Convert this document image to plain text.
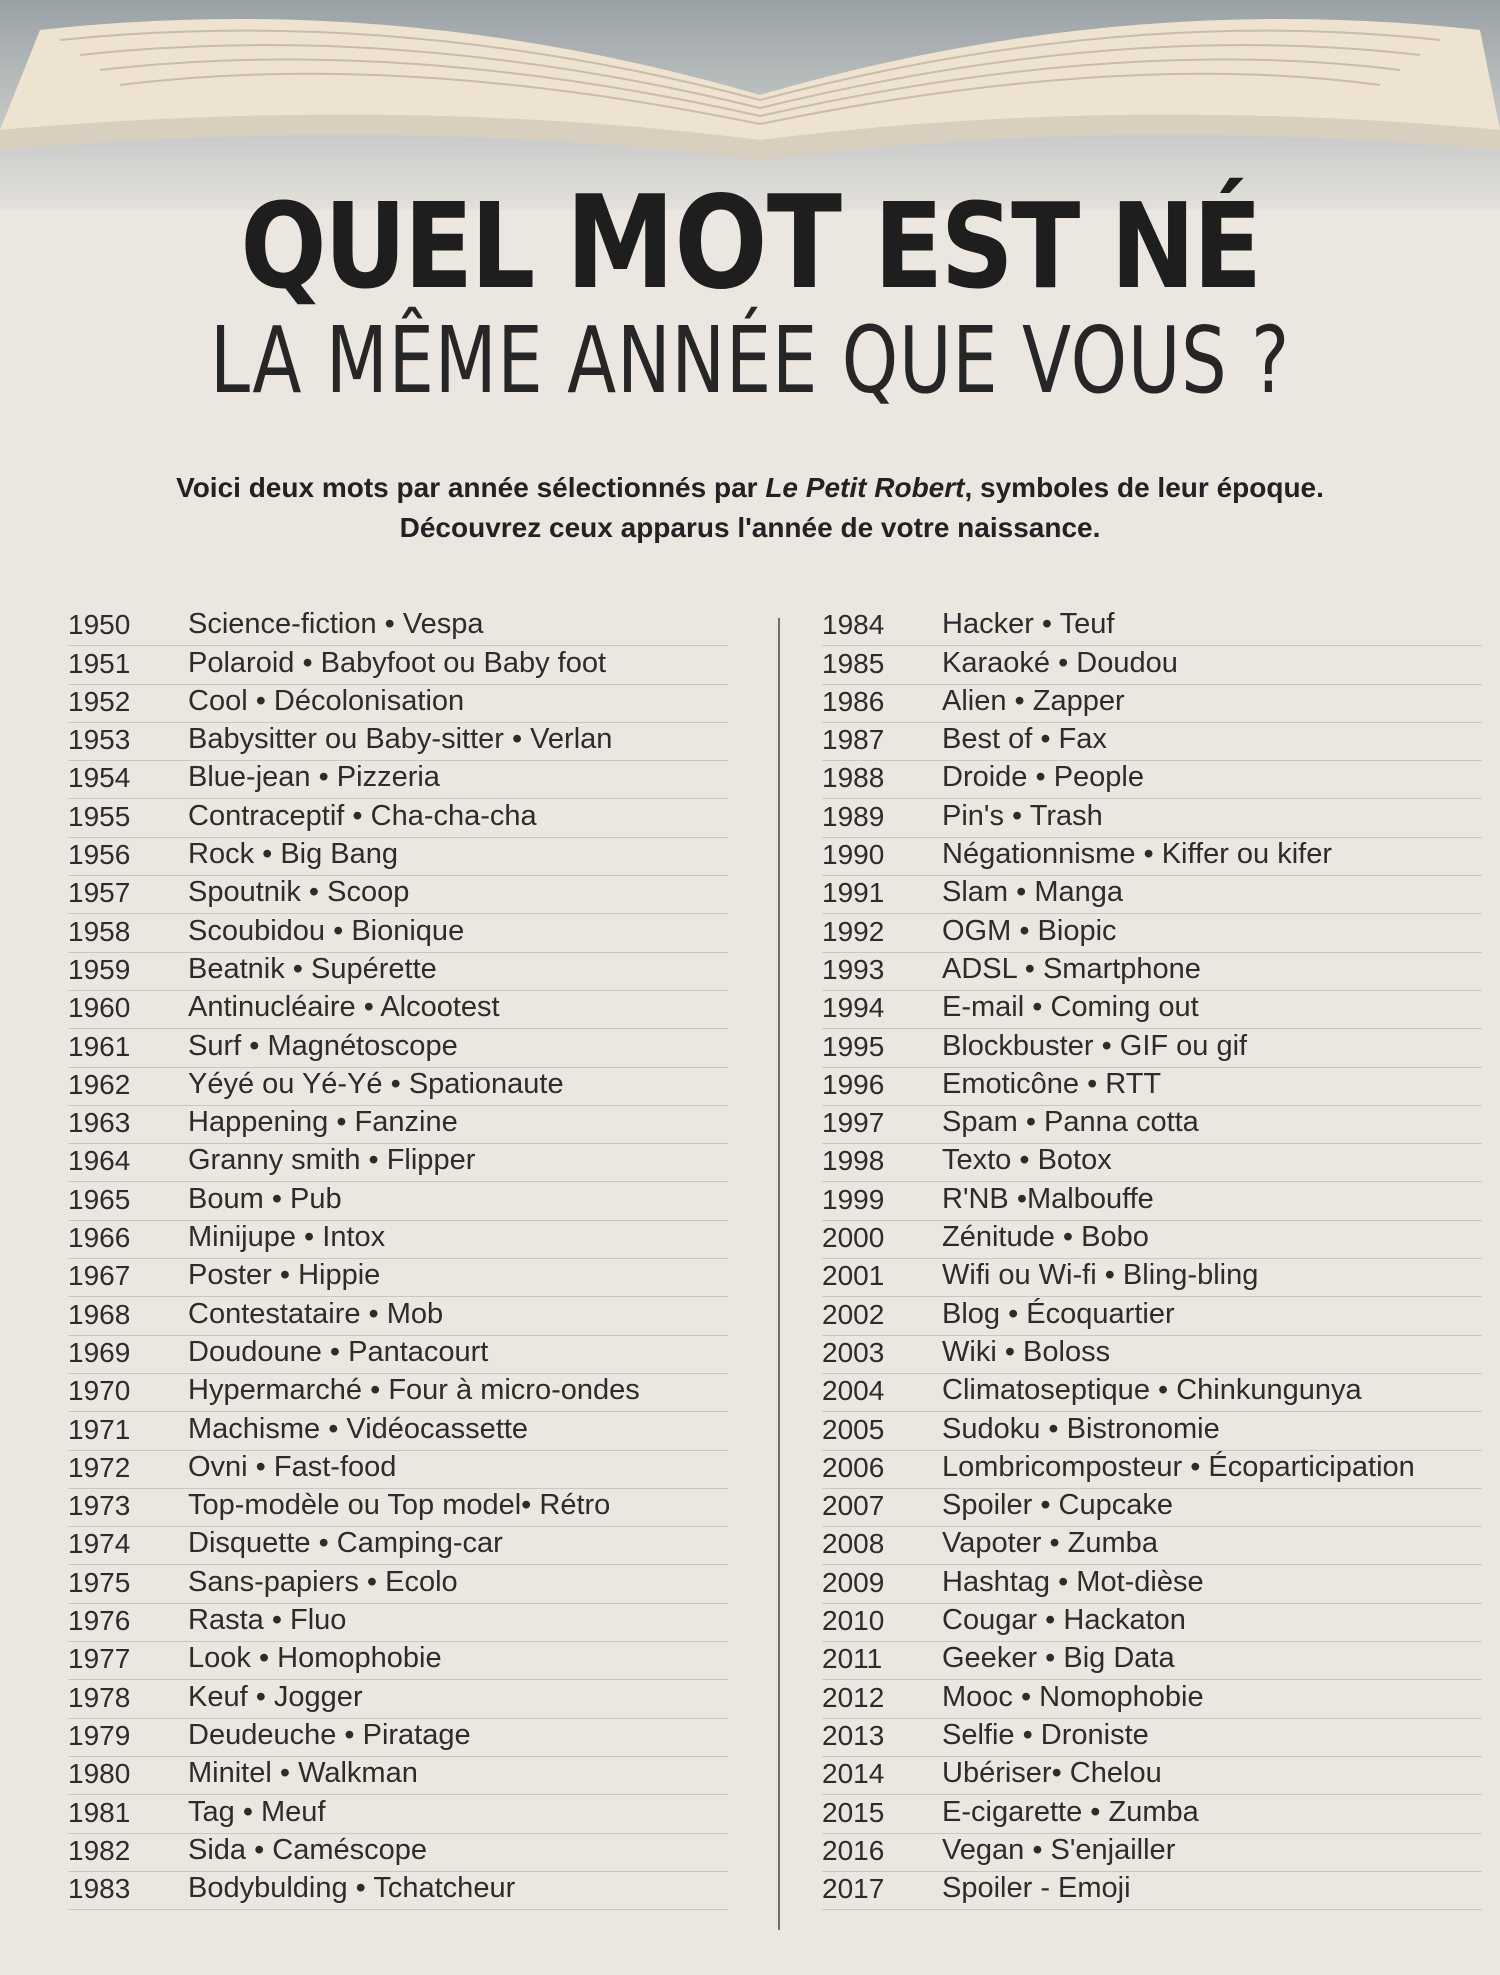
QUEL MOT EST NÉ
LA MÊME ANNÉE QUE VOUS ?
Voici deux mots par année sélectionnés par Le Petit Robert, symboles de leur époque.
Découvrez ceux apparus l'année de votre naissance.
1950	Science-fiction • Vespa
1951	Polaroid • Babyfoot ou Baby foot
1952	Cool • Décolonisation
1953	Babysitter ou Baby-sitter • Verlan
1954	Blue-jean • Pizzeria
1955	Contraceptif • Cha-cha-cha
1956	Rock • Big Bang
1957	Spoutnik • Scoop
1958	Scoubidou • Bionique
1959	Beatnik • Supérette
1960	Antinucléaire • Alcootest
1961	Surf • Magnétoscope
1962	Yéyé ou Yé-Yé • Spationaute
1963	Happening • Fanzine
1964	Granny smith • Flipper
1965	Boum • Pub
1966	Minijupe • Intox
1967	Poster • Hippie
1968	Contestataire • Mob
1969	Doudoune • Pantacourt
1970	Hypermarché • Four à micro-ondes
1971	Machisme • Vidéocassette
1972	Ovni • Fast-food
1973	Top-modèle ou Top model• Rétro
1974	Disquette • Camping-car
1975	Sans-papiers • Ecolo
1976	Rasta • Fluo
1977	Look • Homophobie
1978	Keuf • Jogger
1979	Deudeuche • Piratage
1980	Minitel • Walkman
1981	Tag • Meuf
1982	Sida • Caméscope
1983	Bodybulding • Tchatcheur
1984	Hacker • Teuf
1985	Karaoké • Doudou
1986	Alien • Zapper
1987	Best of • Fax
1988	Droide • People
1989	Pin's • Trash
1990	Négationnisme • Kiffer ou kifer
1991	Slam • Manga
1992	OGM • Biopic
1993	ADSL • Smartphone
1994	E-mail • Coming out
1995	Blockbuster • GIF ou gif
1996	Emoticône • RTT
1997	Spam • Panna cotta
1998	Texto • Botox
1999	R'NB •Malbouffe
2000	Zénitude • Bobo
2001	Wifi ou Wi-fi • Bling-bling
2002	Blog • Écoquartier
2003	Wiki • Boloss
2004	Climatoseptique • Chinkungunya
2005	Sudoku • Bistronomie
2006	Lombricomposteur • Écoparticipation
2007	Spoiler • Cupcake
2008	Vapoter • Zumba
2009	Hashtag • Mot-dièse
2010	Cougar • Hackaton
2011	Geeker • Big Data
2012	Mooc • Nomophobie
2013	Selfie • Droniste
2014	Ubériser• Chelou
2015	E-cigarette • Zumba
2016	Vegan • S'enjailler
2017	Spoiler - Emoji
